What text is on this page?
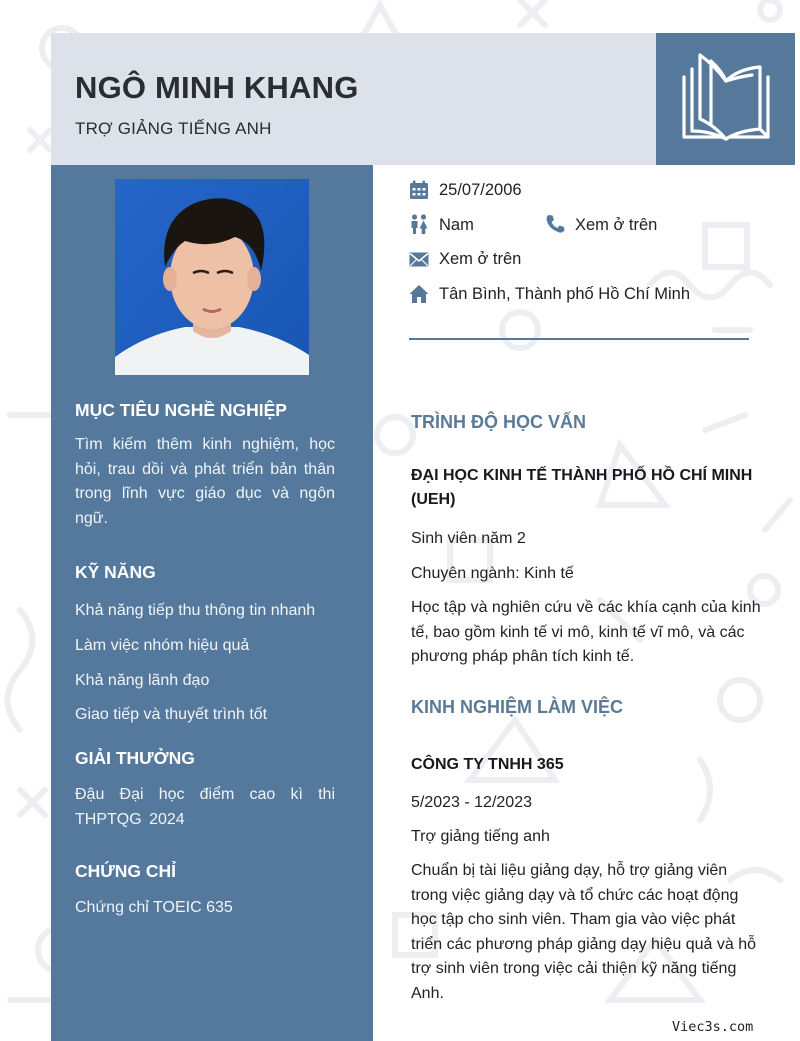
NGÔ MINH KHANG
TRỢ GIẢNG TIẾNG ANH
MỤC TIÊU NGHỀ NGHIỆP
Tìm kiếm thêm kinh nghiệm, học hỏi, trau dồi và phát triển bản thân trong lĩnh vực giáo dục và ngôn ngữ.
KỸ NĂNG
Khả năng tiếp thu thông tin nhanh
Làm việc nhóm hiệu quả
Khả năng lãnh đạo
Giao tiếp và thuyết trình tốt
GIẢI THƯỞNG
Đậu Đại học điểm cao kì thi THPTQG 2024
CHỨNG CHỈ
Chứng chỉ TOEIC 635
25/07/2006
Nam	Xem ở trên
Xem ở trên
Tân Bình, Thành phố Hồ Chí Minh
TRÌNH ĐỘ HỌC VẤN
ĐẠI HỌC KINH TẾ THÀNH PHỐ HỒ CHÍ MINH (UEH)
Sinh viên năm 2
Chuyên ngành: Kinh tế
Học tập và nghiên cứu về các khía cạnh của kinh tế, bao gồm kinh tế vi mô, kinh tế vĩ mô, và các phương pháp phân tích kinh tế.
KINH NGHIỆM LÀM VIỆC
CÔNG TY TNHH 365
5/2023 - 12/2023
Trợ giảng tiếng anh
Chuẩn bị tài liệu giảng dạy, hỗ trợ giảng viên trong việc giảng dạy và tổ chức các hoạt động học tập cho sinh viên. Tham gia vào việc phát triển các phương pháp giảng dạy hiệu quả và hỗ trợ sinh viên trong việc cải thiện kỹ năng tiếng Anh.
Viec3s.com
